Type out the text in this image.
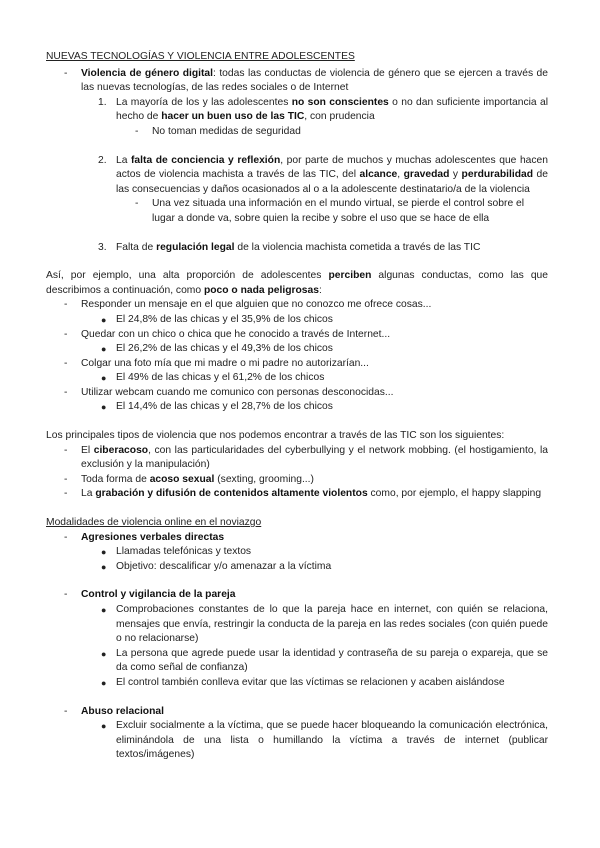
NUEVAS TECNOLOGÍAS Y VIOLENCIA ENTRE ADOLESCENTES
- Violencia de género digital: todas las conductas de violencia de género que se ejercen a través de las nuevas tecnologías, de las redes sociales o de Internet
1. La mayoría de los y las adolescentes no son conscientes o no dan suficiente importancia al hecho de hacer un buen uso de las TIC, con prudencia
- No toman medidas de seguridad
2. La falta de conciencia y reflexión, por parte de muchos y muchas adolescentes que hacen actos de violencia machista a través de las TIC, del alcance, gravedad y perdurabilidad de las consecuencias y daños ocasionados al o a la adolescente destinatario/a de la violencia
- Una vez situada una información en el mundo virtual, se pierde el control sobre el lugar a donde va, sobre quien la recibe y sobre el uso que se hace de ella
3. Falta de regulación legal de la violencia machista cometida a través de las TIC
Así, por ejemplo, una alta proporción de adolescentes perciben algunas conductas, como las que describimos a continuación, como poco o nada peligrosas:
- Responder un mensaje en el que alguien que no conozco me ofrece cosas...
● El 24,8% de las chicas y el 35,9% de los chicos
- Quedar con un chico o chica que he conocido a través de Internet...
● El 26,2% de las chicas y el 49,3% de los chicos
- Colgar una foto mía que mi madre o mi padre no autorizarían...
● El 49% de las chicas y el 61,2% de los chicos
- Utilizar webcam cuando me comunico con personas desconocidas...
● El 14,4% de las chicas y el 28,7% de los chicos
Los principales tipos de violencia que nos podemos encontrar a través de las TIC son los siguientes:
- El ciberacoso, con las particularidades del cyberbullying y el network mobbing. (el hostigamiento, la exclusión y la manipulación)
- Toda forma de acoso sexual (sexting, grooming...)
- La grabación y difusión de contenidos altamente violentos como, por ejemplo, el happy slapping
Modalidades de violencia online en el noviazgo
- Agresiones verbales directas
● Llamadas telefónicas y textos
● Objetivo: descalificar y/o amenazar a la víctima
- Control y vigilancia de la pareja
● Comprobaciones constantes de lo que la pareja hace en internet, con quién se relaciona, mensajes que envía, restringir la conducta de la pareja en las redes sociales (con quién puede o no relacionarse)
● La persona que agrede puede usar la identidad y contraseña de su pareja o expareja, que se da como señal de confianza)
● El control también conlleva evitar que las víctimas se relacionen y acaben aislándose
- Abuso relacional
● Excluir socialmente a la víctima, que se puede hacer bloqueando la comunicación electrónica, eliminándola de una lista o humillando la víctima a través de internet (publicar textos/imágenes)
